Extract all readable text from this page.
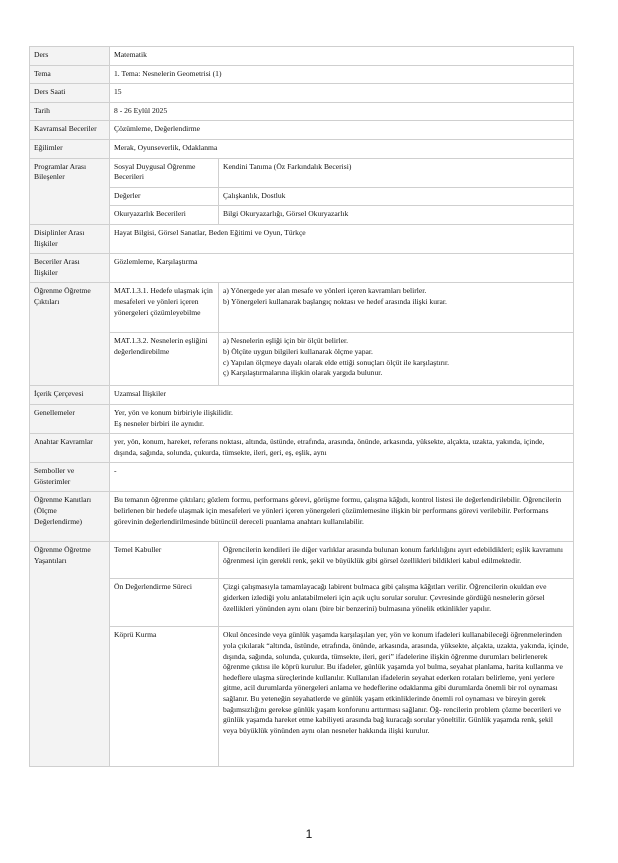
Ders	Matematik	
Tema	1. Tema: Nesnelerin Geometrisi (1)	
Ders Saati	15	
Tarih	8 - 26 Eylül 2025	
Kavramsal Beceriler	Çözümleme, Değerlendirme	
Eğilimler	Merak, Oyunseverlik, Odaklanma	
Programlar Arası Bileşenler	Sosyal Duygusal Öğrenme Becerileri	Kendini Tanıma (Öz Farkındalık Becerisi)
	Değerler	Çalışkanlık, Dostluk
	Okuryazarlık Becerileri	Bilgi Okuryazarlığı, Görsel Okuryazarlık
Disiplinler Arası İlişkiler	Hayat Bilgisi, Görsel Sanatlar, Beden Eğitimi ve Oyun, Türkçe	
Beceriler Arası İlişkiler	Gözlemleme, Karşılaştırma	
Öğrenme Öğretme Çıktıları	MAT.1.3.1. Hedefe ulaşmak için mesafeleri ve yönleri içeren yönergeleri çözümleyebilme	a) Yönergede yer alan mesafe ve yönleri içeren kavramları belirler.
b) Yönergeleri kullanarak başlangıç noktası ve hedef arasında ilişki kurar.

	MAT.1.3.2. Nesnelerin eşliğini değerlendirebilme	a) Nesnelerin eşliği için bir ölçüt belirler.
b) Ölçüte uygun bilgileri kullanarak ölçme yapar.
c) Yapılan ölçmeye dayalı olarak elde ettiği sonuçları ölçüt ile karşılaştırır.
ç) Karşılaştırmalarına ilişkin olarak yargıda bulunur.

İçerik Çerçevesi	Uzamsal İlişkiler	
Genellemeler	Yer, yön ve konum birbiriyle ilişkilidir.
Eş nesneler birbiri ile aynıdır.	

Anahtar Kavramlar	yer, yön, konum, hareket, referans noktası, altında, üstünde, etrafında, arasında, önünde, arkasında, yüksekte, alçakta, uzakta, yakında, içinde, dışında, sağında, solunda, çukurda, tümsekte, ileri, geri, eş, eşlik, aynı	
Semboller ve Gösterimler	-	
Öğrenme Kanıtları (Ölçme Değerlendirme)	Bu temanın öğrenme çıktıları; gözlem formu, performans görevi, görüşme formu, çalışma kâğıdı, kontrol listesi ile değerlendirilebilir. Öğrencilerin belirlenen bir hedefe ulaşmak için mesafeleri ve yönleri içeren yönergeleri çözümlemesine ilişkin bir performans görevi verilebilir. Performans görevinin değerlendirilmesinde bütüncül dereceli puanlama anahtarı kullanılabilir.	
Öğrenme Öğretme Yaşantıları	Temel Kabuller	Öğrencilerin kendileri ile diğer varlıklar arasında bulunan konum farklılığını ayırt edebildikleri; eşlik kavramını öğrenmesi için gerekli renk, şekil ve büyüklük gibi görsel özellikleri bildikleri kabul edilmektedir.
	Ön Değerlendirme Süreci	Çizgi çalışmasıyla tamamlayacağı labirent bulmaca gibi çalışma kâğıtları verilir. Öğrencilerin okuldan eve giderken izlediği yolu anlatabilmeleri için açık uçlu sorular sorulur. Çevresinde gördüğü nesnelerin görsel özellikleri yönünden aynı olanı (bire bir benzerini) bulmasına yönelik etkinlikler yapılır.
	Köprü Kurma	Okul öncesinde veya günlük yaşamda karşılaşılan yer, yön ve konum ifadeleri kullanabileceği öğrenmelerinden yola çıkılarak “altında, üstünde, etrafında, önünde, arkasında, arasında, yüksekte, alçakta, uzakta, yakında, içinde, dışında, sağında, solunda, çukurda, tümsekte, ileri, geri” ifadelerine ilişkin öğrenme durumları belirlenerek öğrenme çıktısı ile köprü kurulur. Bu ifadeler, günlük yaşamda yol bulma, seyahat planlama, harita kullanma ve hedeflere ulaşma süreçlerinde kullanılır. Kullanılan ifadelerin seyahat ederken rotaları belirleme, yeni yerlere gitme, acil durumlarda yönergeleri anlama ve hedeflerine odaklanma gibi durumlarda önemli bir rol oynaması sağlanır. Bu yeteneğin seyahatlerde ve günlük yaşam etkinliklerinde önemli rol oynaması ve bireyin gerek bağımsızlığını gerekse günlük yaşam konforunu arttırması sağlanır. Öğ- rencilerin problem çözme becerileri ve günlük yaşamda hareket etme kabiliyeti arasında bağ kuracağı sorular yöneltilir. Günlük yaşamda renk, şekil veya büyüklük yönünden aynı olan nesneler hakkında ilişki kurulur.
1
